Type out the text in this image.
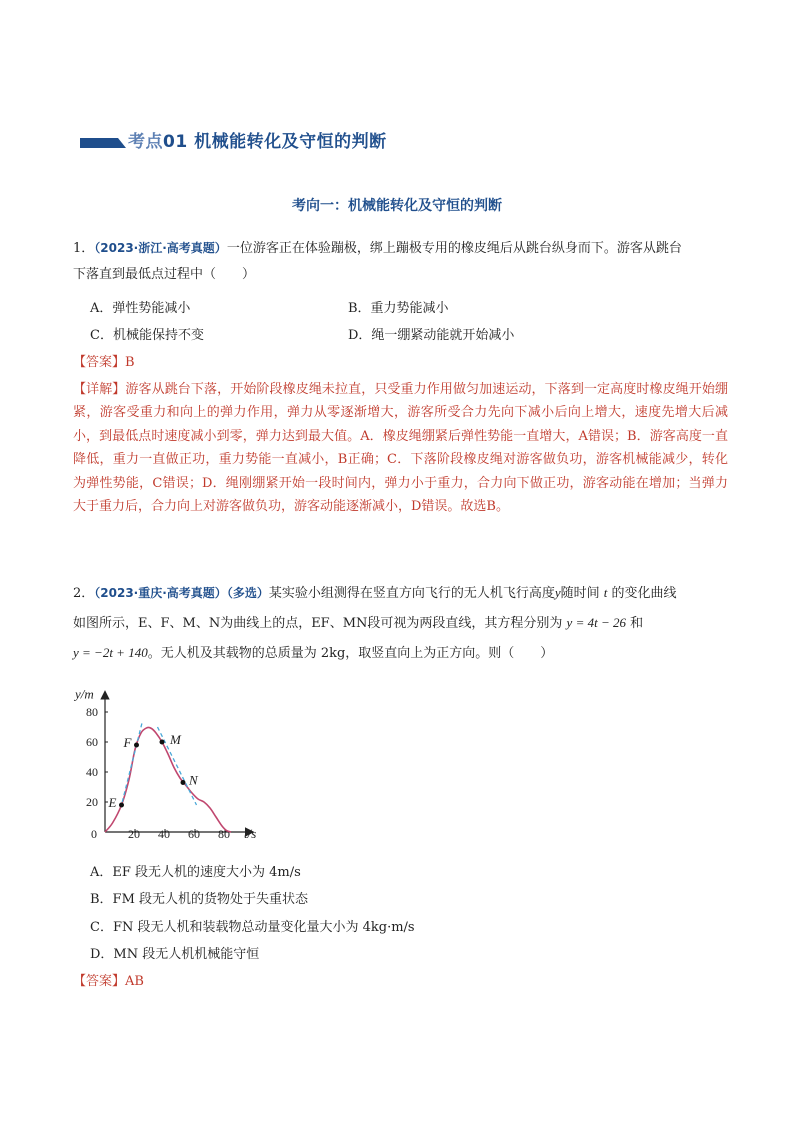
考点01 机械能转化及守恒的判断
考向一：机械能转化及守恒的判断
1．（2023·浙江·高考真题）一位游客正在体验蹦极，绑上蹦极专用的橡皮绳后从跳台纵身而下。游客从跳台
下落直到最低点过程中（　　）
A．弹性势能减小	B．重力势能减小
C．机械能保持不变	D．绳一绷紧动能就开始减小
【答案】B
【详解】游客从跳台下落，开始阶段橡皮绳未拉直，只受重力作用做匀加速运动，下落到一定高度时橡皮绳开始绷紧，游客受重力和向上的弹力作用，弹力从零逐渐增大，游客所受合力先向下减小后向上增大，速度先增大后减小，到最低点时速度减小到零，弹力达到最大值。A．橡皮绳绷紧后弹性势能一直增大，A错误；B．游客高度一直降低，重力一直做正功，重力势能一直减小，B正确；C．下落阶段橡皮绳对游客做负功，游客机械能减少，转化为弹性势能，C错误；D．绳刚绷紧开始一段时间内，弹力小于重力，合力向下做正功，游客动能在增加；当弹力大于重力后，合力向上对游客做负功，游客动能逐渐减小，D错误。故选B。
2．（2023·重庆·高考真题）（多选）某实验小组测得在竖直方向飞行的无人机飞行高度y随时间 t 的变化曲线
如图所示，E、F、M、N为曲线上的点，EF、MN段可视为两段直线，其方程分别为 y = 4t − 26 和
y = −2t + 140。无人机及其载物的总质量为 2kg，取竖直向上为正方向。则（　　）
t/s
y/m
0	20 40 60 80
20
40
60
80
E
F	M
N
A．EF 段无人机的速度大小为 4m/s
B．FM 段无人机的货物处于失重状态
C．FN 段无人机和装载物总动量变化量大小为 4kg·m/s
D．MN 段无人机机械能守恒
【答案】AB
